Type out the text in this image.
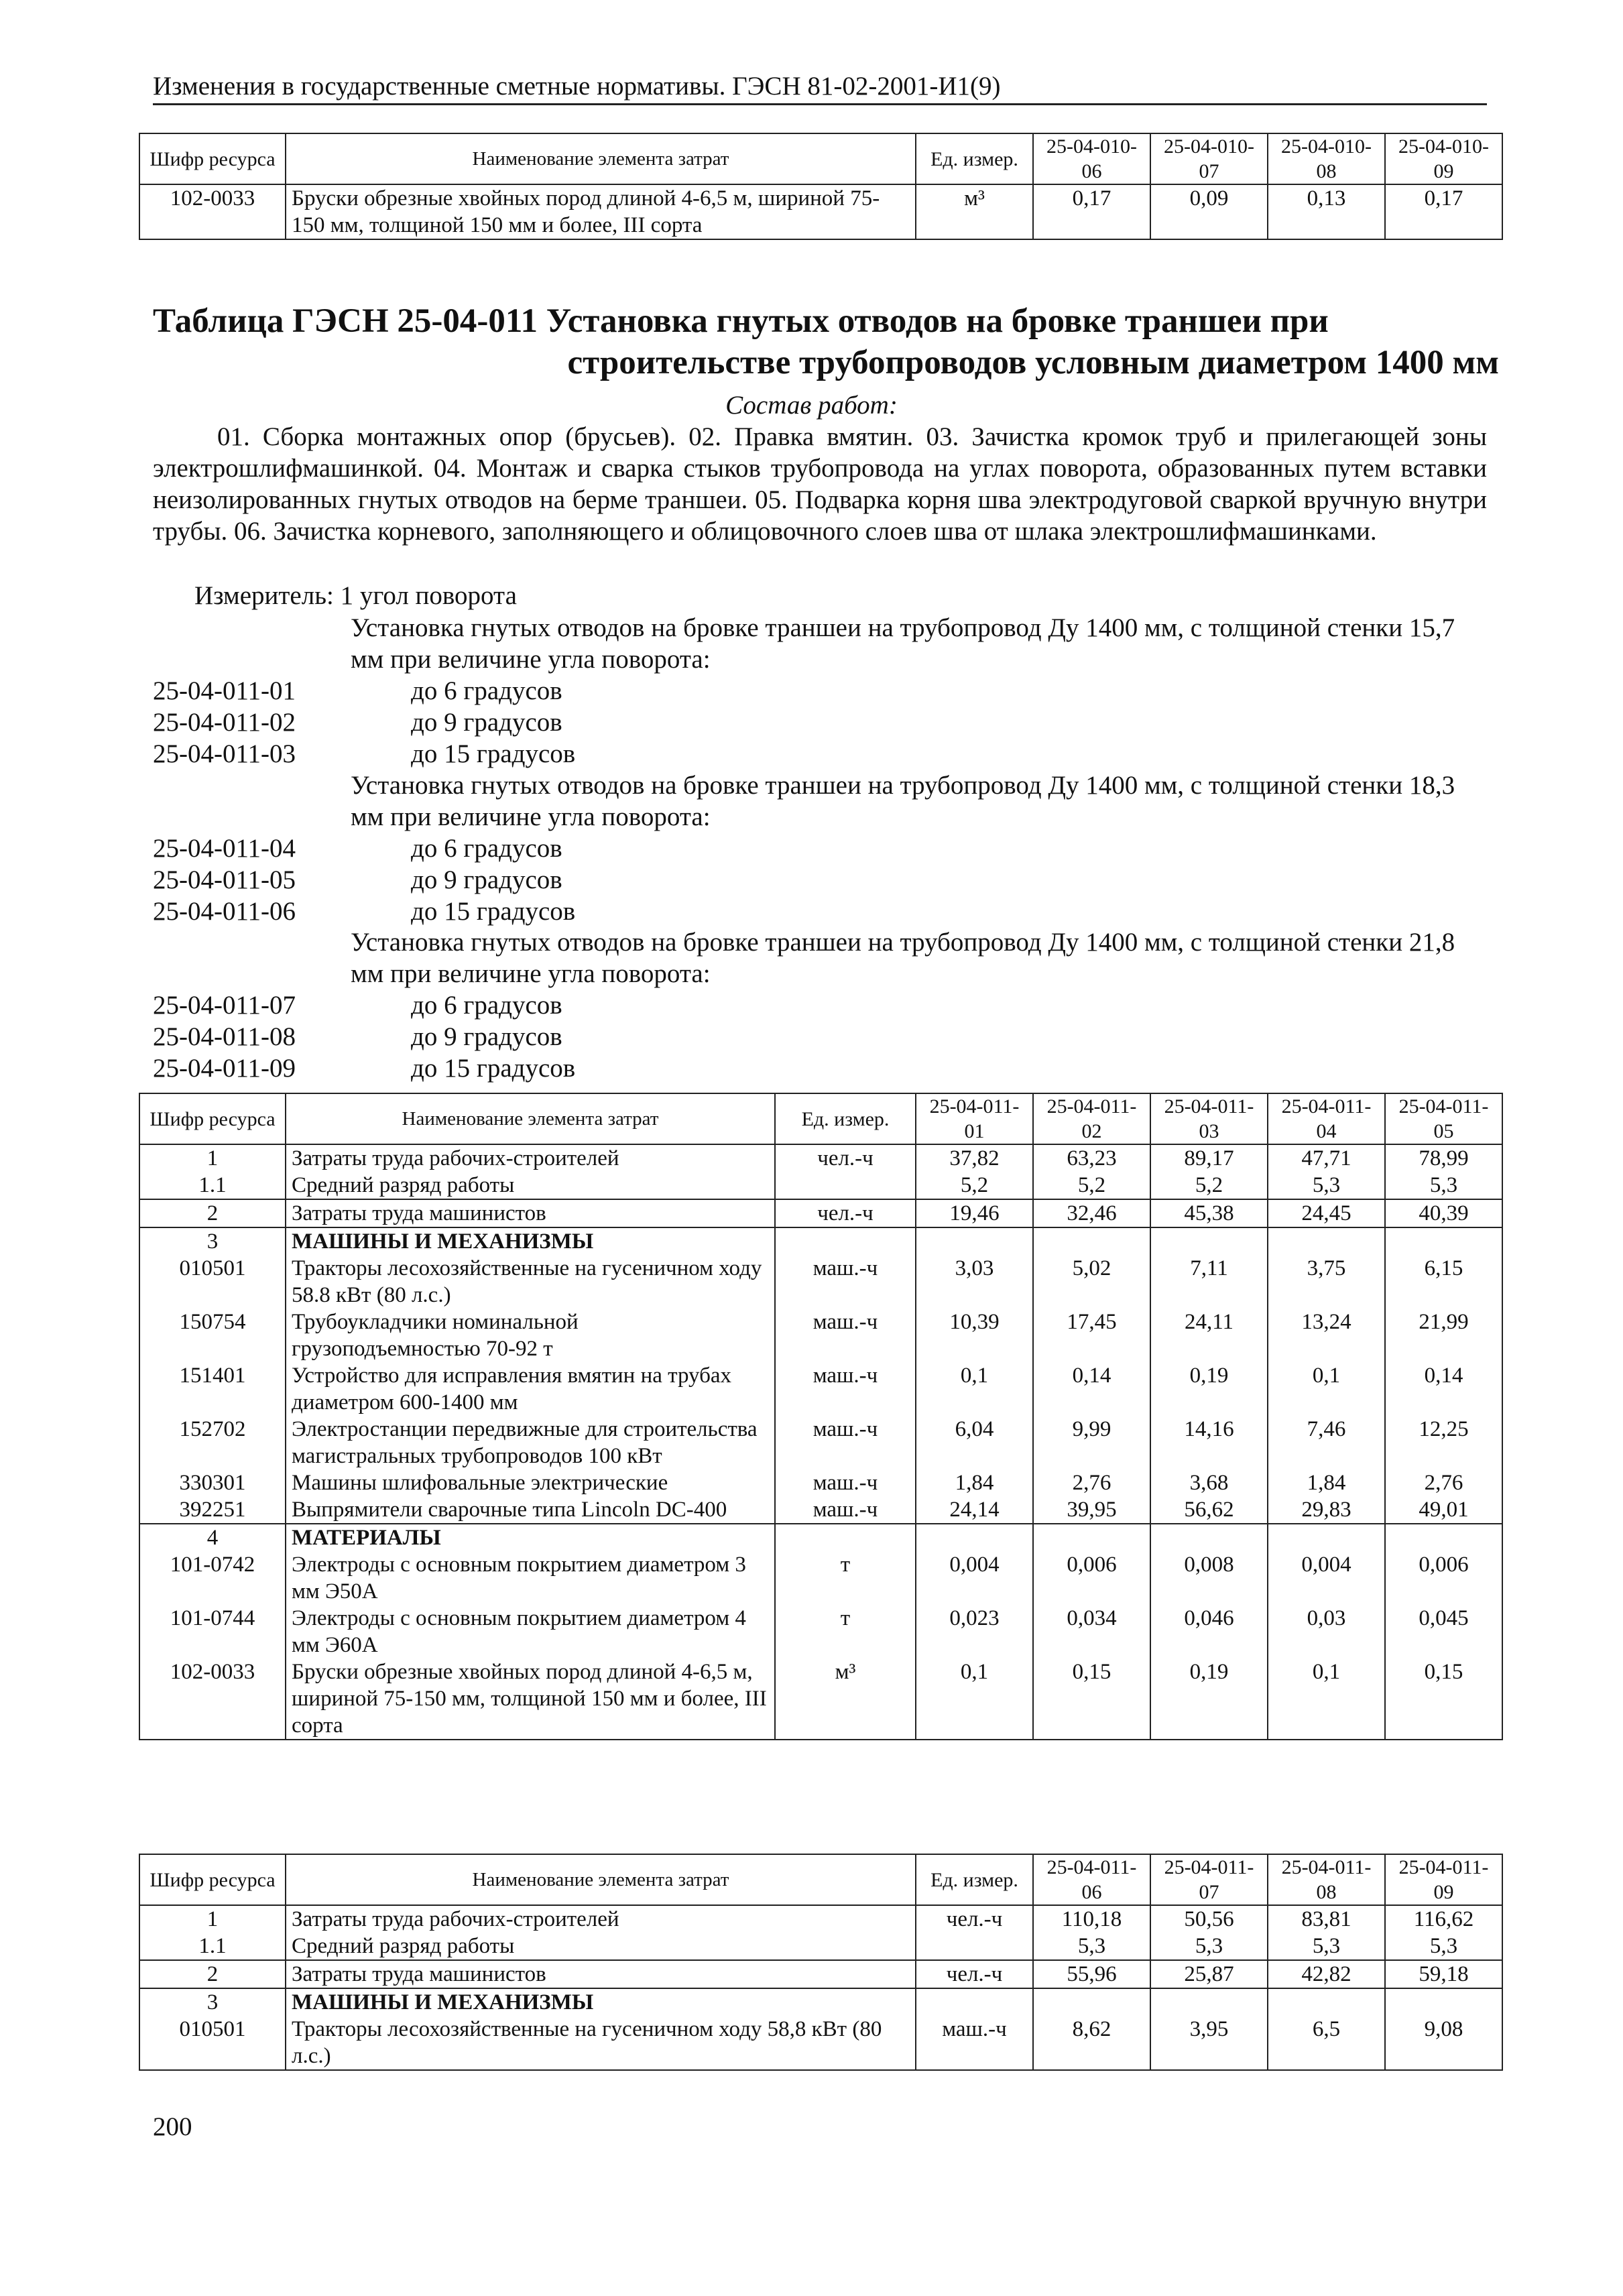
Изменения в государственные сметные нормативы. ГЭСН 81-02-2001-И1(9)
Шифр ресурса	Наименование элемента затрат	Ед. измер.	25-04-010-06	25-04-010-07	25-04-010-08	25-04-010-09
102-0033	Бруски обрезные хвойных пород длиной 4-6,5 м, шириной 75-150 мм, толщиной 150 мм и более, III сорта	м³	0,17	0,09	0,13	0,17
Таблица ГЭСН 25-04-011 Установка гнутых отводов на бровке траншеи при
строительстве трубопроводов условным диаметром 1400 мм
Состав работ:
01. Сборка монтажных опор (брусьев). 02. Правка вмятин. 03. Зачистка кромок труб и прилегающей зоны электрошлифмашинкой. 04. Монтаж и сварка стыков трубопровода на углах поворота, образованных путем вставки неизолированных гнутых отводов на берме траншеи. 05. Подварка корня шва электродуговой сваркой вручную внутри трубы. 06. Зачистка корневого, заполняющего и облицовочного слоев шва от шлака электрошлифмашинками.
Измеритель: 1 угол поворота
Установка гнутых отводов на бровке траншеи на трубопровод Ду 1400 мм, с толщиной стенки 15,7 мм при величине угла поворота:
25-04-011-01	до 6 градусов
25-04-011-02	до 9 градусов
25-04-011-03	до 15 градусов
Установка гнутых отводов на бровке траншеи на трубопровод Ду 1400 мм, с толщиной стенки 18,3 мм при величине угла поворота:
25-04-011-04	до 6 градусов
25-04-011-05	до 9 градусов
25-04-011-06	до 15 градусов
Установка гнутых отводов на бровке траншеи на трубопровод Ду 1400 мм, с толщиной стенки 21,8 мм при величине угла поворота:
25-04-011-07	до 6 градусов
25-04-011-08	до 9 градусов
25-04-011-09	до 15 градусов
Шифр ресурса	Наименование элемента затрат	Ед. измер.	25-04-011-01	25-04-011-02	25-04-011-03	25-04-011-04	25-04-011-05
1	Затраты труда рабочих-строителей	чел.-ч	37,82	63,23	89,17	47,71	78,99
1.1	Средний разряд работы		5,2	5,2	5,2	5,3	5,3
2	Затраты труда машинистов	чел.-ч	19,46	32,46	45,38	24,45	40,39
3	МАШИНЫ И МЕХАНИЗМЫ						
010501	Тракторы лесохозяйственные на гусеничном ходу 58.8 кВт (80 л.с.)	маш.-ч	3,03	5,02	7,11	3,75	6,15
150754	Трубоукладчики номинальной грузоподъемностью 70-92 т	маш.-ч	10,39	17,45	24,11	13,24	21,99
151401	Устройство для исправления вмятин на трубах диаметром 600-1400 мм	маш.-ч	0,1	0,14	0,19	0,1	0,14
152702	Электростанции передвижные для строительства магистральных трубопроводов 100 кВт	маш.-ч	6,04	9,99	14,16	7,46	12,25
330301	Машины шлифовальные электрические	маш.-ч	1,84	2,76	3,68	1,84	2,76
392251	Выпрямители сварочные типа Lincoln DC-400	маш.-ч	24,14	39,95	56,62	29,83	49,01
4	МАТЕРИАЛЫ						
101-0742	Электроды с основным покрытием диаметром 3 мм Э50А	т	0,004	0,006	0,008	0,004	0,006
101-0744	Электроды с основным покрытием диаметром 4 мм Э60А	т	0,023	0,034	0,046	0,03	0,045
102-0033	Бруски обрезные хвойных пород длиной 4-6,5 м, шириной 75-150 мм, толщиной 150 мм и более, III сорта	м³	0,1	0,15	0,19	0,1	0,15
Шифр ресурса	Наименование элемента затрат	Ед. измер.	25-04-011-06	25-04-011-07	25-04-011-08	25-04-011-09
1	Затраты труда рабочих-строителей	чел.-ч	110,18	50,56	83,81	116,62
1.1	Средний разряд работы		5,3	5,3	5,3	5,3
2	Затраты труда машинистов	чел.-ч	55,96	25,87	42,82	59,18
3	МАШИНЫ И МЕХАНИЗМЫ					
010501	Тракторы лесохозяйственные на гусеничном ходу 58,8 кВт (80 л.с.)	маш.-ч	8,62	3,95	6,5	9,08
200
